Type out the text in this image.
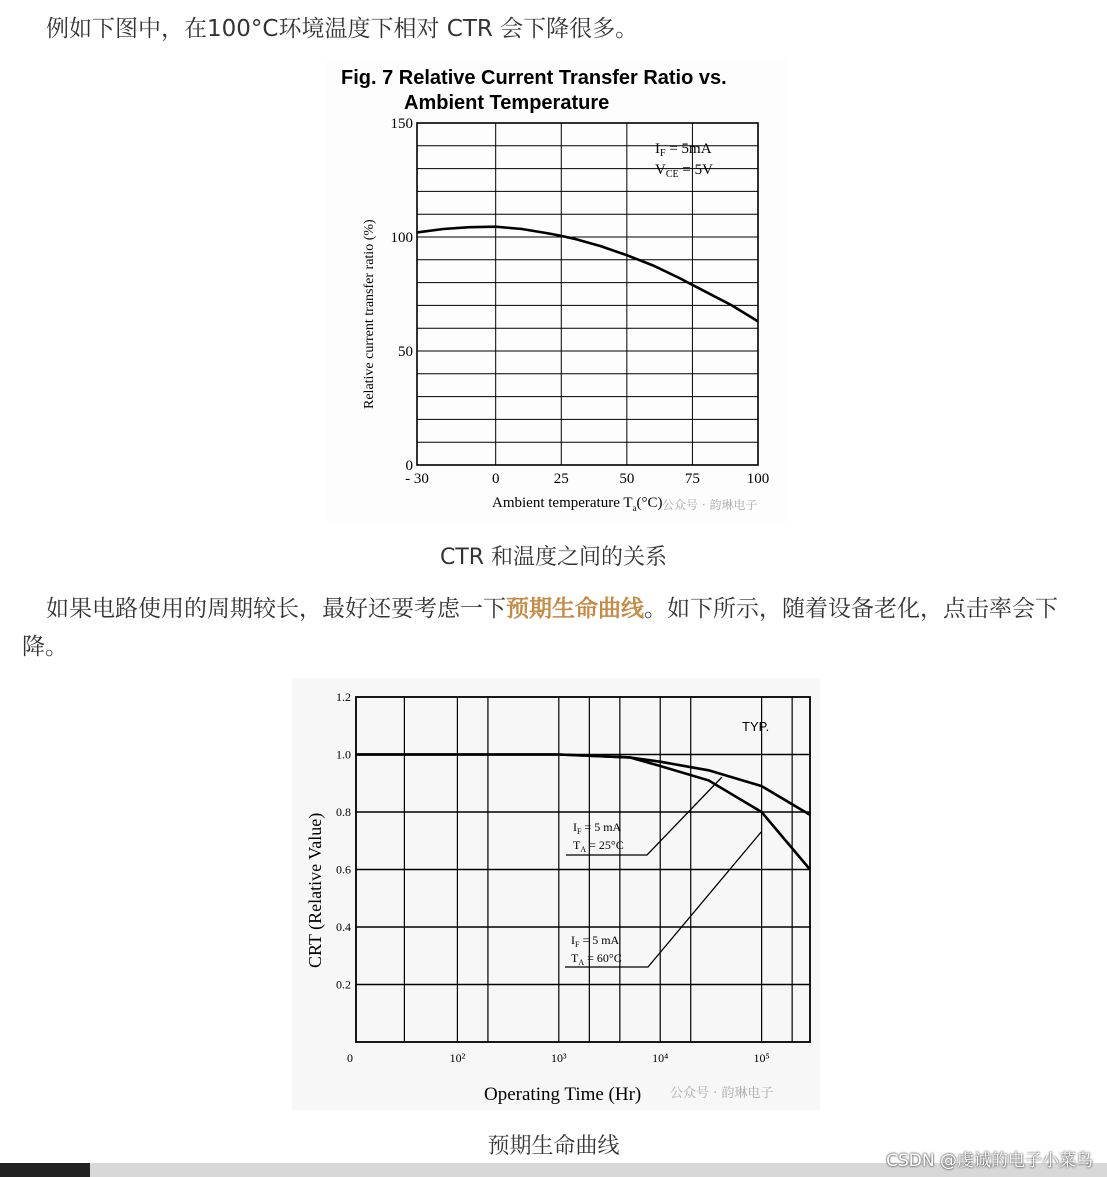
例如下图中，在100°C环境温度下相对 CTR 会下降很多。

Fig. 7 Relative Current Transfer Ratio vs.
Ambient Temperature
- 30	0	25	50	75	100
0
50
100
150
$I_F = 5mA$
$V_{CE} = 5V$
Relative current transfer ratio (%)
Ambient temperature $T_a(^\circ C)$ 公众号 · 韵琳电子
CTR 和温度之间的关系

如果电路使用的周期较长，最好还要考虑一下预期生命曲线。如下所示，随着设备老化，点击率会下降。

0.2
0.4
0.6
0.8
1.0
1.2
0	10²	10³	10⁴	10⁵
TYP.
$I_F = 5$ mA
$T_A = 25^\circ C$
$I_F = 5$ mA
$T_A = 60^\circ C$
CRT (Relative Value)
Operating Time (Hr) 公众号 · 韵琳电子
预期生命曲线
CSDN @虔诚的电子小菜鸟
